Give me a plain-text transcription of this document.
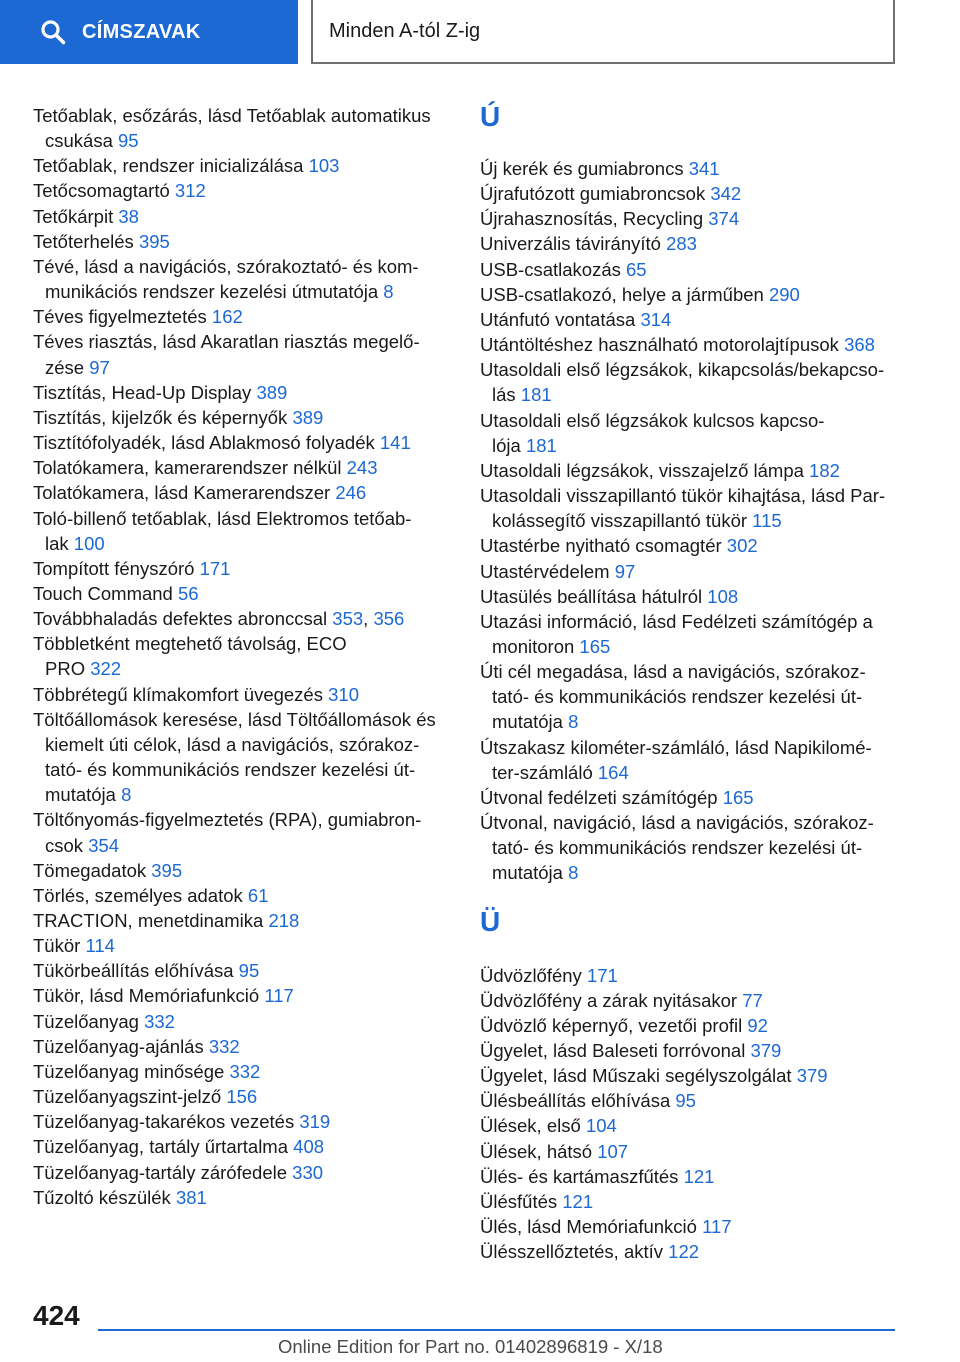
CÍMSZAVAK	Minden A-tól Z-ig
Tetőablak, esőzárás, lásd Tetőablak automatikus
csukása 95
Tetőablak, rendszer inicializálása 103
Tetőcsomagtartó 312
Tetőkárpit 38
Tetőterhelés 395
Tévé, lásd a navigációs, szórakoztató- és kom‐
munikációs rendszer kezelési útmutatója 8
Téves figyelmeztetés 162
Téves riasztás, lásd Akaratlan riasztás megelő‐
zése 97
Tisztítás, Head-Up Display 389
Tisztítás, kijelzők és képernyők 389
Tisztítófolyadék, lásd Ablakmosó folyadék 141
Tolatókamera, kamerarendszer nélkül 243
Tolatókamera, lásd Kamerarendszer 246
Toló-billenő tetőablak, lásd Elektromos tetőab‐
lak 100
Tompított fényszóró 171
Touch Command 56
Továbbhaladás defektes abronccsal 353, 356
Többletként megtehető távolság, ECO
PRO 322
Többrétegű klímakomfort üvegezés 310
Töltőállomások keresése, lásd Töltőállomások és
kiemelt úti célok, lásd a navigációs, szórakoz‐
tató- és kommunikációs rendszer kezelési út‐
mutatója 8
Töltőnyomás-figyelmeztetés (RPA), gumiabron‐
csok 354
Tömegadatok 395
Törlés, személyes adatok 61
TRACTION, menetdinamika 218
Tükör 114
Tükörbeállítás előhívása 95
Tükör, lásd Memóriafunkció 117
Tüzelőanyag 332
Tüzelőanyag-ajánlás 332
Tüzelőanyag minősége 332
Tüzelőanyagszint-jelző 156
Tüzelőanyag-takarékos vezetés 319
Tüzelőanyag, tartály űrtartalma 408
Tüzelőanyag-tartály zárófedele 330
Tűzoltó készülék 381
Ú
Új kerék és gumiabroncs 341
Újrafutózott gumiabroncsok 342
Újrahasznosítás, Recycling 374
Univerzális távirányító 283
USB-csatlakozás 65
USB-csatlakozó, helye a járműben 290
Utánfutó vontatása 314
Utántöltéshez használható motorolajtípusok 368
Utasoldali első légzsákok, kikapcsolás/bekapcso‐
lás 181
Utasoldali első légzsákok kulcsos kapcso‐
lója 181
Utasoldali légzsákok, visszajelző lámpa 182
Utasoldali visszapillantó tükör kihajtása, lásd Par‐
kolássegítő visszapillantó tükör 115
Utastérbe nyitható csomagtér 302
Utastérvédelem 97
Utasülés beállítása hátulról 108
Utazási információ, lásd Fedélzeti számítógép a
monitoron 165
Úti cél megadása, lásd a navigációs, szórakoz‐
tató- és kommunikációs rendszer kezelési út‐
mutatója 8
Útszakasz kilométer-számláló, lásd Napikilomé‐
ter-számláló 164
Útvonal fedélzeti számítógép 165
Útvonal, navigáció, lásd a navigációs, szórakoz‐
tató- és kommunikációs rendszer kezelési út‐
mutatója 8
Ü
Üdvözlőfény 171
Üdvözlőfény a zárak nyitásakor 77
Üdvözlő képernyő, vezetői profil 92
Ügyelet, lásd Baleseti forróvonal 379
Ügyelet, lásd Műszaki segélyszolgálat 379
Ülésbeállítás előhívása 95
Ülések, első 104
Ülések, hátsó 107
Ülés- és kartámaszfűtés 121
Ülésfűtés 121
Ülés, lásd Memóriafunkció 117
Ülésszellőztetés, aktív 122
424
Online Edition for Part no. 01402896819 - X/18
